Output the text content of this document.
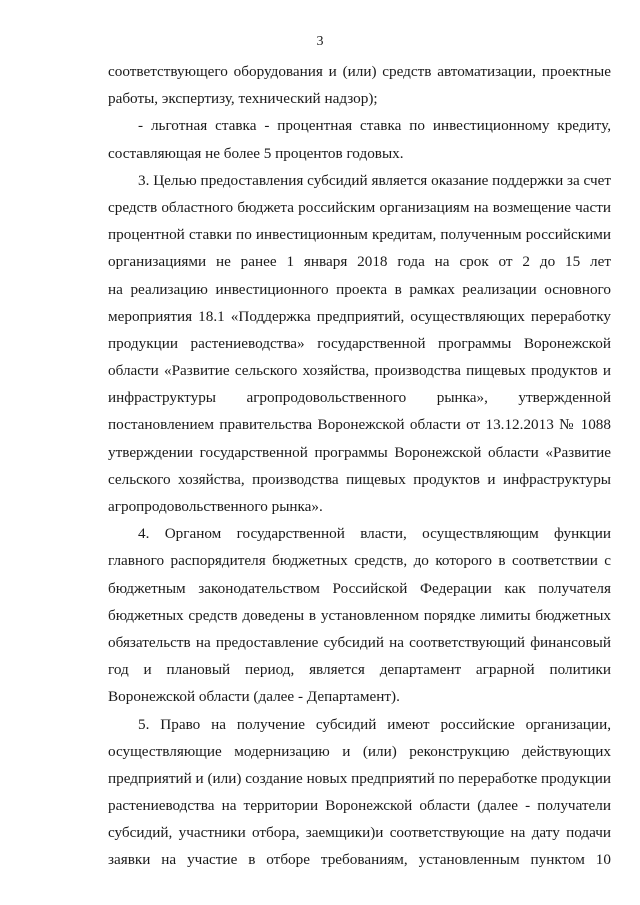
3
соответствующего оборудования и (или) средств автоматизации, проектные
работы, экспертизу, технический надзор);
- льготная ставка - процентная ставка по инвестиционному кредиту,
составляющая не более 5 процентов годовых.
3. Целью предоставления субсидий является оказание поддержки за счет
средств областного бюджета российским организациям на возмещение части
процентной ставки по инвестиционным кредитам, полученным российскими
организациями не ранее 1 января 2018 года на срок от 2 до 15 лет
на реализацию инвестиционного проекта в рамках реализации основного
мероприятия 18.1 «Поддержка предприятий, осуществляющих переработку
продукции растениеводства» государственной программы Воронежской
области «Развитие сельского хозяйства, производства пищевых продуктов и
инфраструктуры агропродовольственного рынка», утвержденной
постановлением правительства Воронежской области от 13.12.2013 № 1088
утверждении государственной программы Воронежской области «Развитие
сельского хозяйства, производства пищевых продуктов и инфраструктуры
агропродовольственного рынка».
4. Органом государственной власти, осуществляющим функции
главного распорядителя бюджетных средств, до которого в соответствии с
бюджетным законодательством Российской Федерации как получателя
бюджетных средств доведены в установленном порядке лимиты бюджетных
обязательств на предоставление субсидий на соответствующий финансовый
год и плановый период, является департамент аграрной политики
Воронежской области (далее - Департамент).
5. Право на получение субсидий имеют российские организации,
осуществляющие модернизацию и (или) реконструкцию действующих
предприятий и (или) создание новых предприятий по переработке продукции
растениеводства на территории Воронежской области (далее - получатели
субсидий, участники отбора, заемщики)и соответствующие на дату подачи
заявки на участие в отборе требованиям, установленным пунктом 10
